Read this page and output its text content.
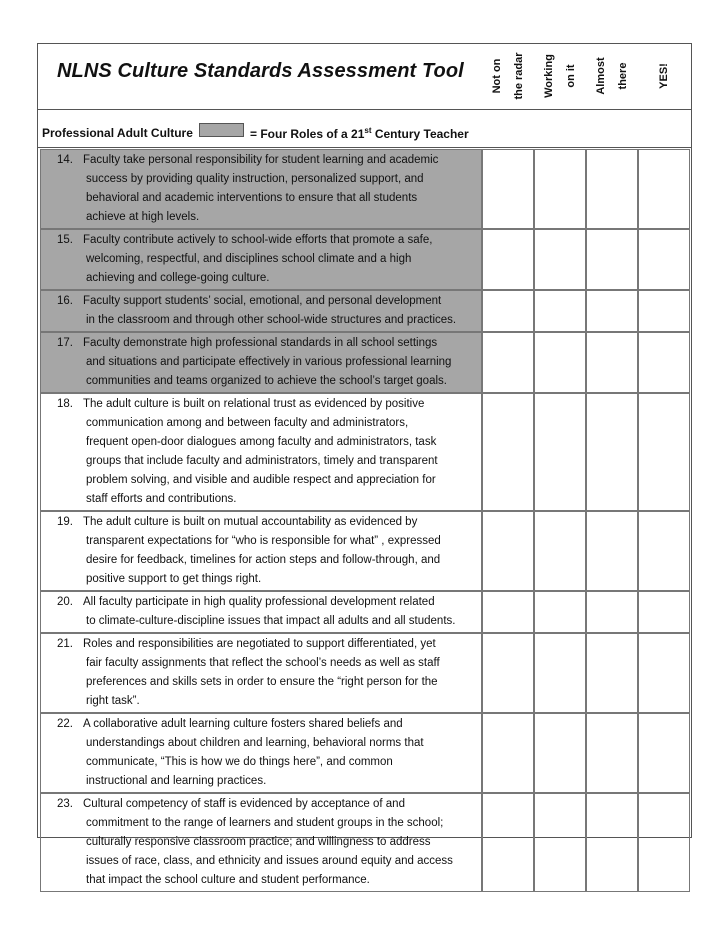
NLNS Culture Standards Assessment Tool	Not on the radar	Working on it	Almost there	YES!
Professional Adult Culture	= Four Roles of a 21st Century Teacher
14. Faculty take personal responsibility for student learning and academic
success by providing quality instruction, personalized support, and
behavioral and academic interventions to ensure that all students
achieve at high levels.
15. Faculty contribute actively to school-wide efforts that promote a safe,
welcoming, respectful, and disciplines school climate and a high
achieving and college-going culture.
16. Faculty support students’ social, emotional, and personal development
in the classroom and through other school-wide structures and practices.
17. Faculty demonstrate high professional standards in all school settings
and situations and participate effectively in various professional learning
communities and teams organized to achieve the school’s target goals.
18. The adult culture is built on relational trust as evidenced by positive
communication among and between faculty and administrators,
frequent open-door dialogues among faculty and administrators, task
groups that include faculty and administrators, timely and transparent
problem solving, and visible and audible respect and appreciation for
staff efforts and contributions.
19. The adult culture is built on mutual accountability as evidenced by
transparent expectations for “who is responsible for what” , expressed
desire for feedback, timelines for action steps and follow-through, and
positive support to get things right.
20. All faculty participate in high quality professional development related
to climate-culture-discipline issues that impact all adults and all students.
21. Roles and responsibilities are negotiated to support differentiated, yet
fair faculty assignments that reflect the school’s needs as well as staff
preferences and skills sets in order to ensure the “right person for the
right task”.
22. A collaborative adult learning culture fosters shared beliefs and
understandings about children and learning, behavioral norms that
communicate, “This is how we do things here”, and common
instructional and learning practices.
23. Cultural competency of staff is evidenced by acceptance of and
commitment to the range of learners and student groups in the school;
culturally responsive classroom practice; and willingness to address
issues of race, class, and ethnicity and issues around equity and access
that impact the school culture and student performance.
